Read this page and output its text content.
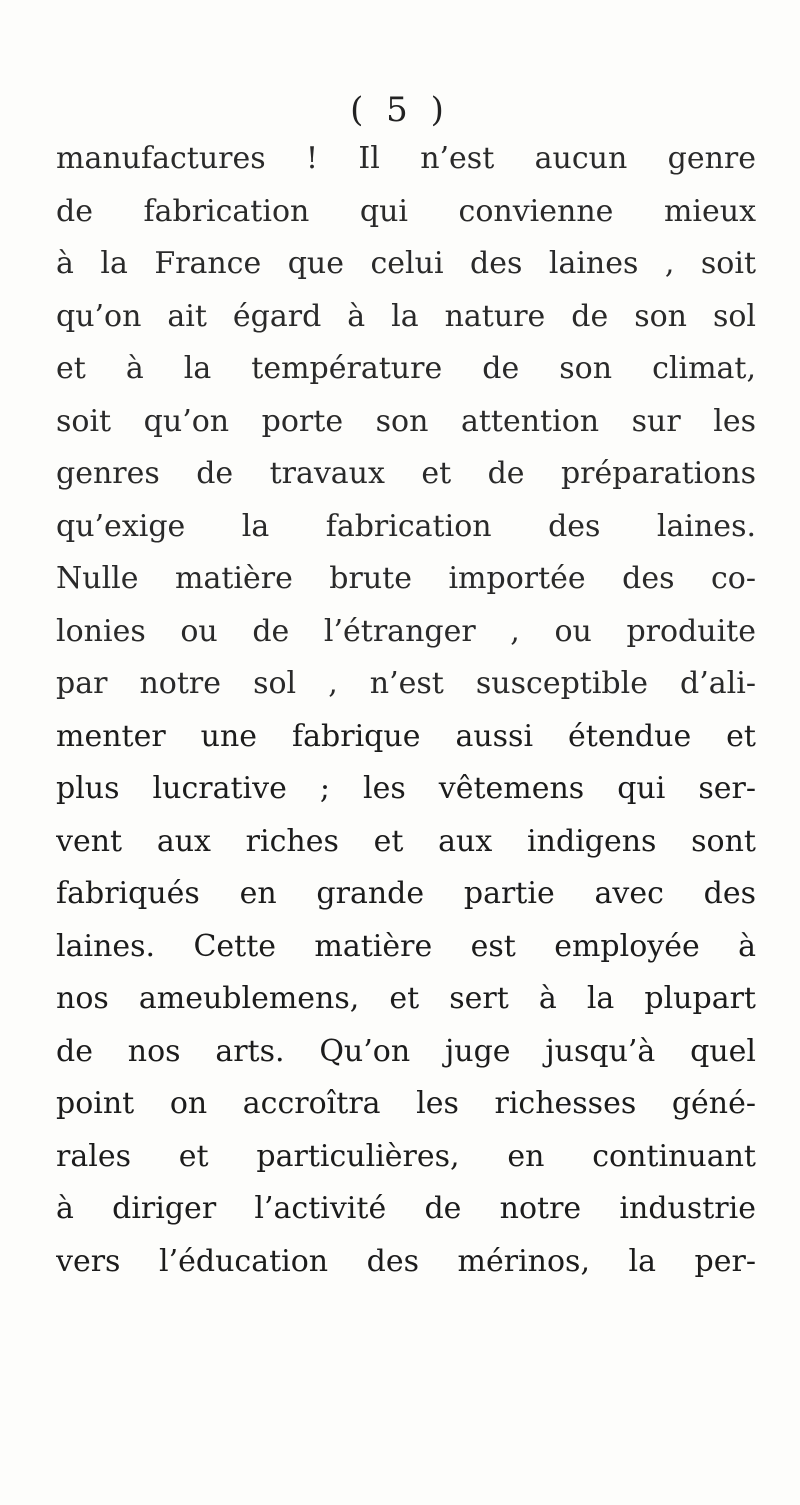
( 5 )
manufactures ! Il n’est aucun genre
de fabrication qui convienne mieux
à la France que celui des laines , soit
qu’on ait égard à la nature de son sol
et à la température de son climat,
soit qu’on porte son attention sur les
genres de travaux et de préparations
qu’exige la fabrication des laines.
Nulle matière brute importée des co-
lonies ou de l’étranger , ou produite
par notre sol , n’est susceptible d’ali-
menter une fabrique aussi étendue et
plus lucrative ; les vêtemens qui ser-
vent aux riches et aux indigens sont
fabriqués en grande partie avec des
laines. Cette matière est employée à
nos ameublemens, et sert à la plupart
de nos arts. Qu’on juge jusqu’à quel
point on accroîtra les richesses géné-
rales et particulières, en continuant
à diriger l’activité de notre industrie
vers l’éducation des mérinos, la per-
